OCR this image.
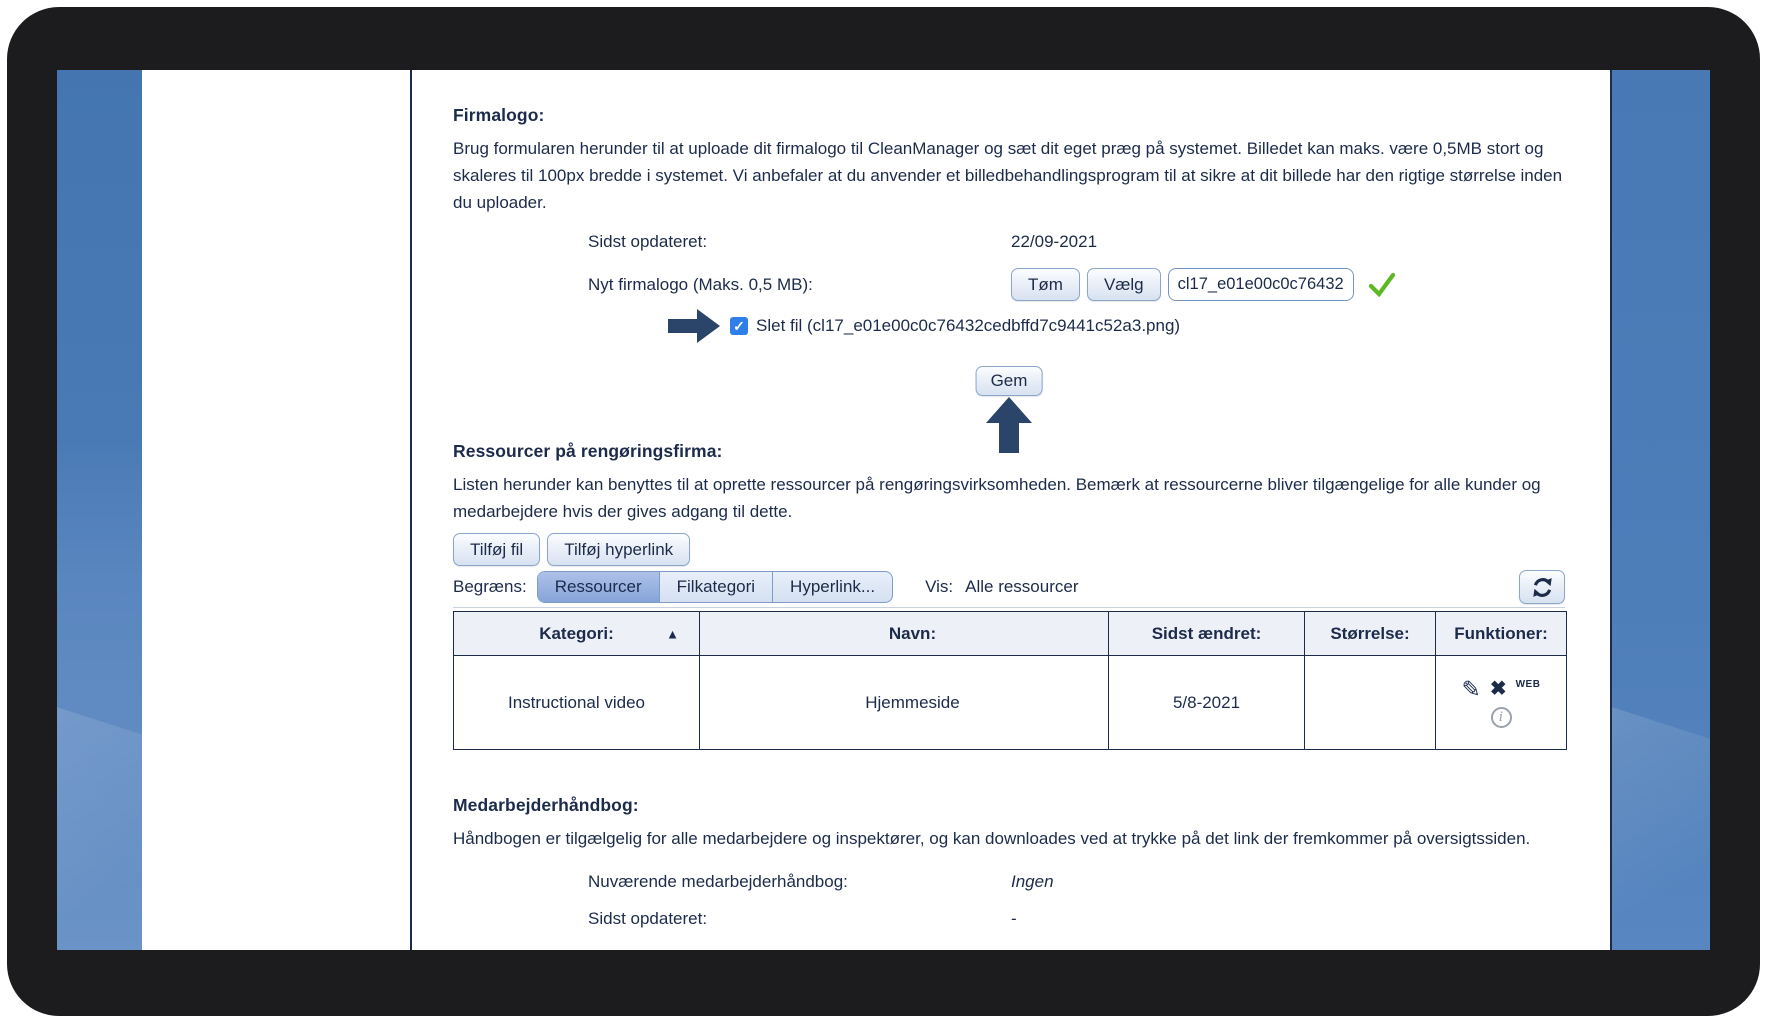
Firmalogo:

Brug formularen herunder til at uploade dit firmalogo til CleanManager og sæt dit eget præg på systemet. Billedet kan maks. være 0,5MB stort og skaleres til 100px bredde i systemet. Vi anbefaler at du anvender et billedbehandlingsprogram til at sikre at dit billede har den rigtige størrelse inden du uploader.

Sidst opdateret:	22/09-2021
Nyt firmalogo (Maks. 0,5 MB):	Tøm	Vælg
cl17_e01e00c0c76432
✓ Slet fil (cl17_e01e00c0c76432cedbffd7c9441c52a3.png)
Gem
Ressourcer på rengøringsfirma:

Listen herunder kan benyttes til at oprette ressourcer på rengøringsvirksomheden. Bemærk at ressourcerne bliver tilgængelige for alle kunder og medarbejdere hvis der gives adgang til dette.

Tilføj fil	Tilføj hyperlink
Begræns:	Ressourcer	Filkategori	Hyperlink...	Vis: Alle ressourcer
Kategori: ▲	Navn:	Sidst ændret:	Størrelse:	Funktioner:
Instructional video	Hjemmeside	5/8-2021		✎ ✖ WEB
i
Medarbejderhåndbog:

Håndbogen er tilgælgelig for alle medarbejdere og inspektører, og kan downloades ved at trykke på det link der fremkommer på oversigtssiden.

Nuværende medarbejderhåndbog:	Ingen
Sidst opdateret:	-
